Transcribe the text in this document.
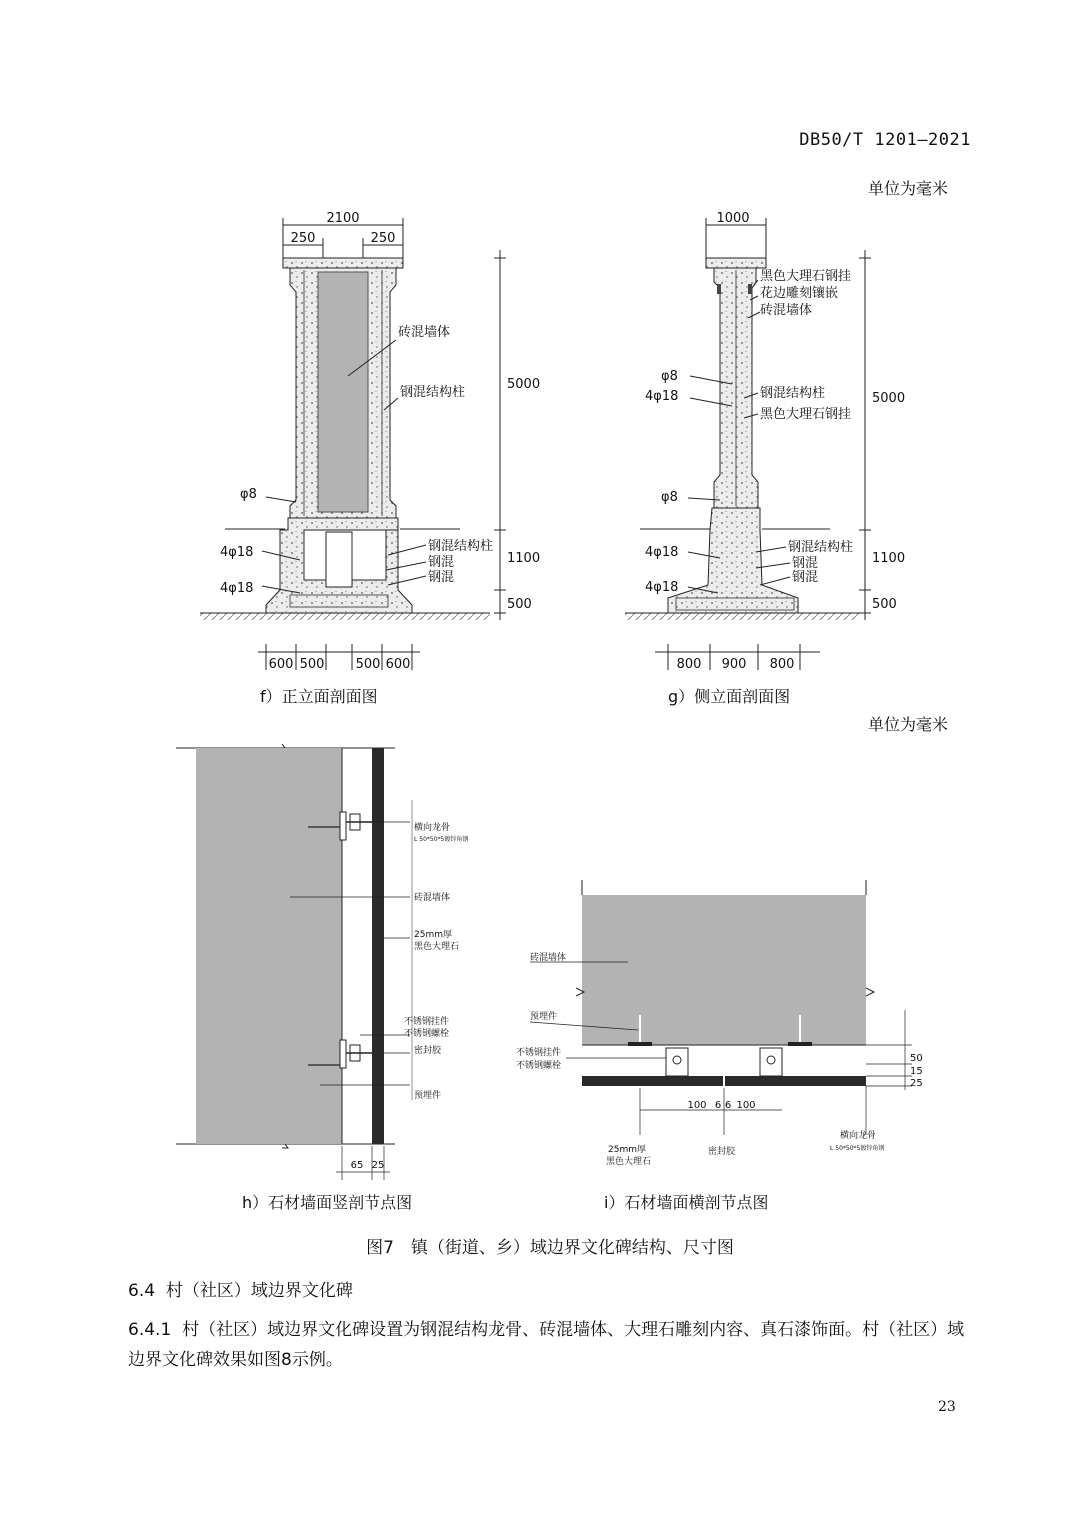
DB50/T 1201—2021
单位为毫米
2100
250	250
砖混墙体
钢混结构柱
φ8
4φ18
4φ18
钢混结构柱
钢混
钢混
5000
1100
500
600 500 500 600
1000
黑色大理石钢挂
花边雕刻镶嵌
砖混墙体
φ8
4φ18	钢混结构柱
黑色大理石钢挂
φ8
4φ18
4φ18
钢混结构柱
钢混
钢混
5000
1100
500
800 900 800
f）正立面剖面图	g）侧立面剖面图
单位为毫米
横向龙骨
L 50*50*5镀锌角钢
砖混墙体
25mm厚
黑色大理石
不锈钢挂件
不锈钢螺栓
密封胶
预埋件
65 25
砖混墙体
预埋件
不锈钢挂件
不锈钢螺栓
50
15
25
100 6 6 100
25mm厚
黑色大理石
密封胶
横向龙骨
L 50*50*5镀锌角钢
h）石材墙面竖剖节点图	i）石材墙面横剖节点图
图7　镇（街道、乡）域边界文化碑结构、尺寸图
6.4 村（社区）域边界文化碑
6.4.1 村（社区）域边界文化碑设置为钢混结构龙骨、砖混墙体、大理石雕刻内容、真石漆饰面。村（社区）域边界文化碑效果如图8示例。
23
